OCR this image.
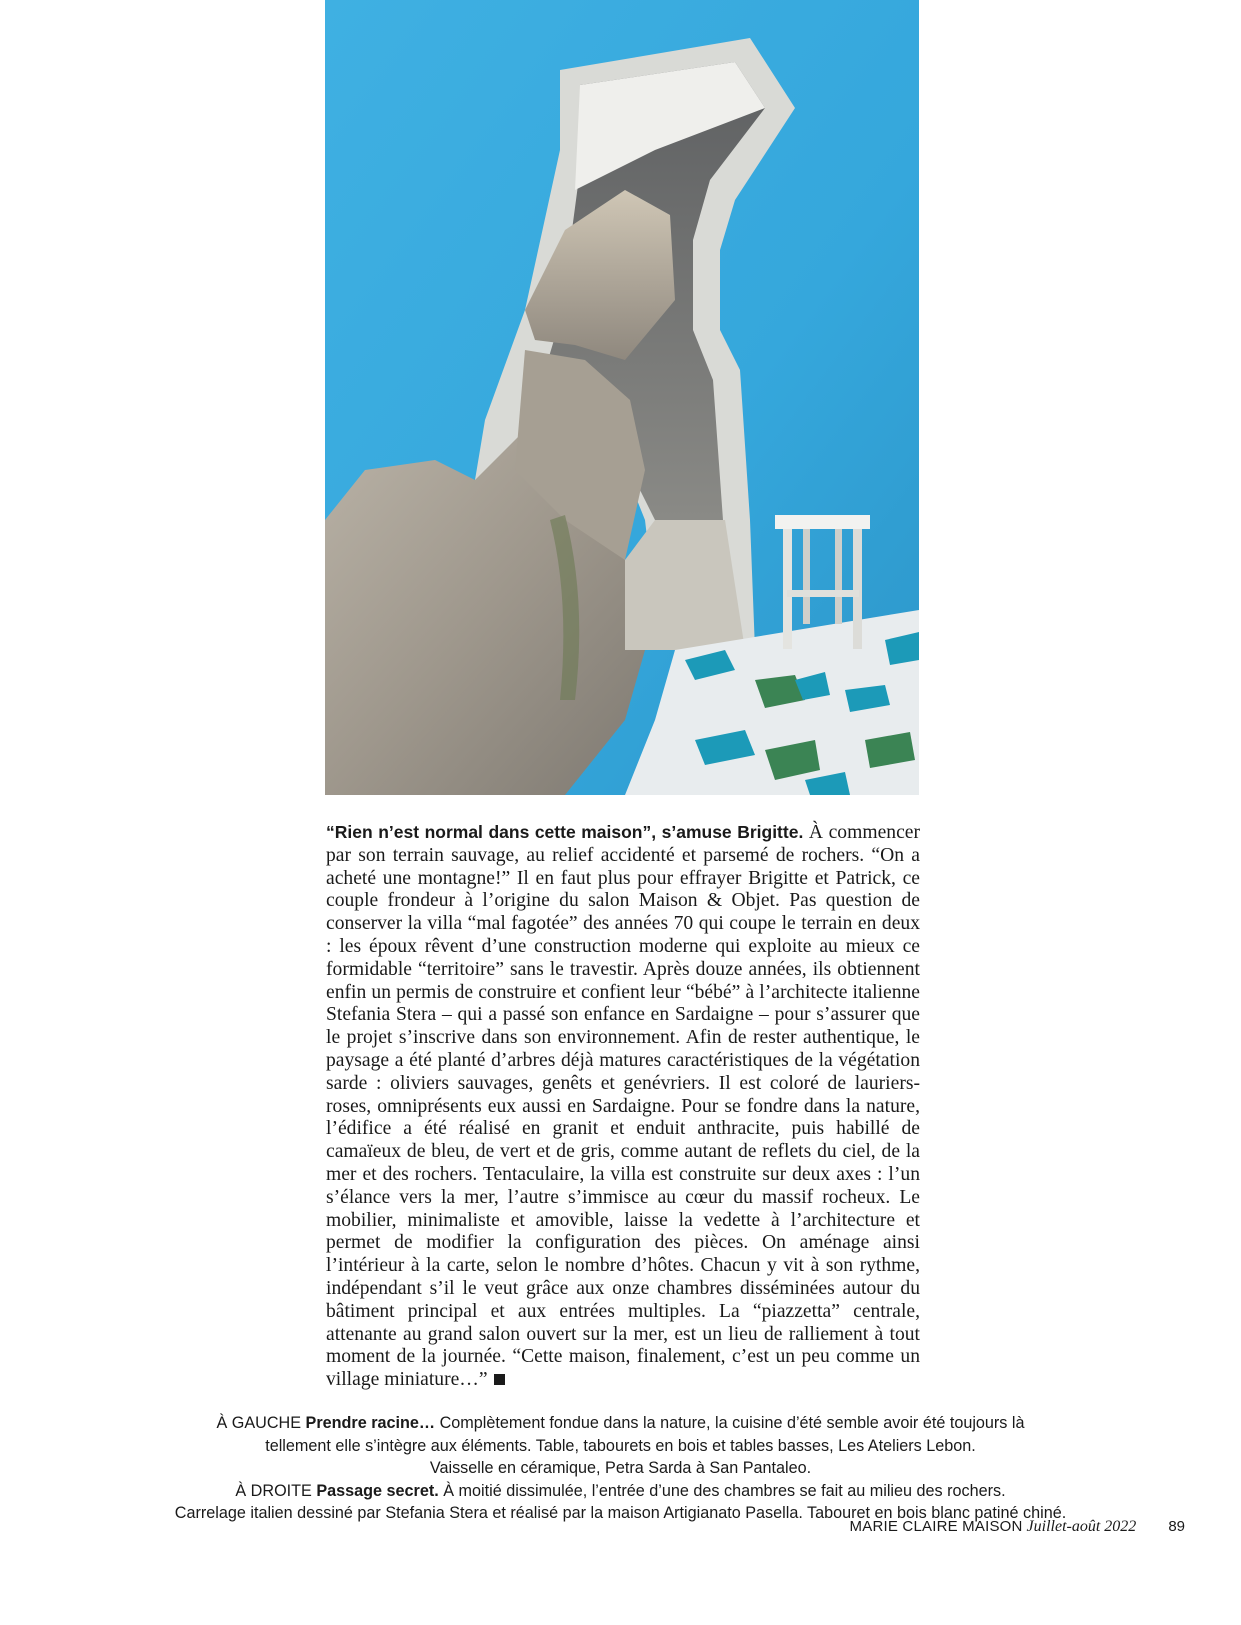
“Rien n’est normal dans cette maison”, s’amuse Brigitte. À commencer par son terrain sauvage, au relief accidenté et parsemé de rochers. “On a acheté une montagne!” Il en faut plus pour effrayer Brigitte et Patrick, ce couple frondeur à l’origine du salon Maison & Objet. Pas question de conserver la villa “mal fagotée” des années 70 qui coupe le terrain en deux : les époux rêvent d’une construction moderne qui exploite au mieux ce formidable “territoire” sans le travestir. Après douze années, ils obtiennent enfin un permis de construire et confient leur “bébé” à l’architecte italienne Stefania Stera – qui a passé son enfance en Sardaigne – pour s’assurer que le projet s’inscrive dans son environnement. Afin de rester authentique, le paysage a été planté d’arbres déjà matures caractéristiques de la végétation sarde : oliviers sauvages, genêts et genévriers. Il est coloré de lauriers-roses, omniprésents eux aussi en Sardaigne. Pour se fondre dans la nature, l’édifice a été réalisé en granit et enduit anthracite, puis habillé de camaïeux de bleu, de vert et de gris, comme autant de reflets du ciel, de la mer et des rochers. Tentaculaire, la villa est construite sur deux axes : l’un s’élance vers la mer, l’autre s’immisce au cœur du massif rocheux. Le mobilier, minimaliste et amovible, laisse la vedette à l’architecture et permet de modifier la configuration des pièces. On aménage ainsi l’intérieur à la carte, selon le nombre d’hôtes. Chacun y vit à son rythme, indépendant s’il le veut grâce aux onze chambres disséminées autour du bâtiment principal et aux entrées multiples. La “piazzetta” centrale, attenante au grand salon ouvert sur la mer, est un lieu de ralliement à tout moment de la journée. “Cette maison, finalement, c’est un peu comme un village miniature…”
À GAUCHE Prendre racine… Complètement fondue dans la nature, la cuisine d’été semble avoir été toujours là
tellement elle s’intègre aux éléments. Table, tabourets en bois et tables basses, Les Ateliers Lebon.
Vaisselle en céramique, Petra Sarda à San Pantaleo.
À DROITE Passage secret. À moitié dissimulée, l’entrée d’une des chambres se fait au milieu des rochers.
Carrelage italien dessiné par Stefania Stera et réalisé par la maison Artigianato Pasella. Tabouret en bois blanc patiné chiné.
MARIE CLAIRE MAISON Juillet-août 2022 89
